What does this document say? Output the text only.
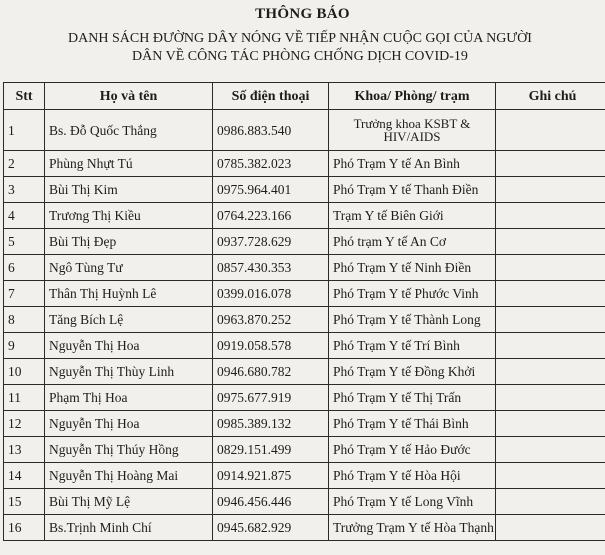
THÔNG BÁO
DANH SÁCH ĐƯỜNG DÂY NÓNG VỀ TIẾP NHẬN CUỘC GỌI CỦA NGƯỜI
DÂN VỀ CÔNG TÁC PHÒNG CHỐNG DỊCH COVID-19
Stt	Họ và tên	Số điện thoại	Khoa/ Phòng/ trạm	Ghi chú
1	Bs. Đỗ Quốc Thắng	0986.883.540	Trưởng khoa KSBT & HIV/AIDS	
2	Phùng Nhựt Tú	0785.382.023	Phó Trạm Y tế An Bình	
3	Bùi Thị Kim	0975.964.401	Phó Trạm Y tế Thanh Điền	
4	Trương Thị Kiều	0764.223.166	Trạm Y tế Biên Giới	
5	Bùi Thị Đẹp	0937.728.629	Phó trạm Y tế An Cơ	
6	Ngô Tùng Tư	0857.430.353	Phó Trạm Y tế Ninh Điền	
7	Thân Thị Huỳnh Lê	0399.016.078	Phó Trạm Y tế Phước Vinh	
8	Tăng Bích Lệ	0963.870.252	Phó Trạm Y tế Thành Long	
9	Nguyễn Thị Hoa	0919.058.578	Phó Trạm Y tế Trí Bình	
10	Nguyễn Thị Thùy Linh	0946.680.782	Phó Trạm Y tế Đồng Khởi	
11	Phạm Thị Hoa	0975.677.919	Phó Trạm Y tế Thị Trấn	
12	Nguyễn Thị Hoa	0985.389.132	Phó Trạm Y tế Thái Bình	
13	Nguyễn Thị Thúy Hồng	0829.151.499	Phó Trạm Y tế Hảo Đước	
14	Nguyễn Thị Hoàng Mai	0914.921.875	Phó Trạm Y tế Hòa Hội	
15	Bùi Thị Mỹ Lệ	0946.456.446	Phó Trạm Y tế Long Vĩnh	
16	Bs.Trịnh Minh Chí	0945.682.929	Trưởng Trạm Y tế Hòa Thạnh	
